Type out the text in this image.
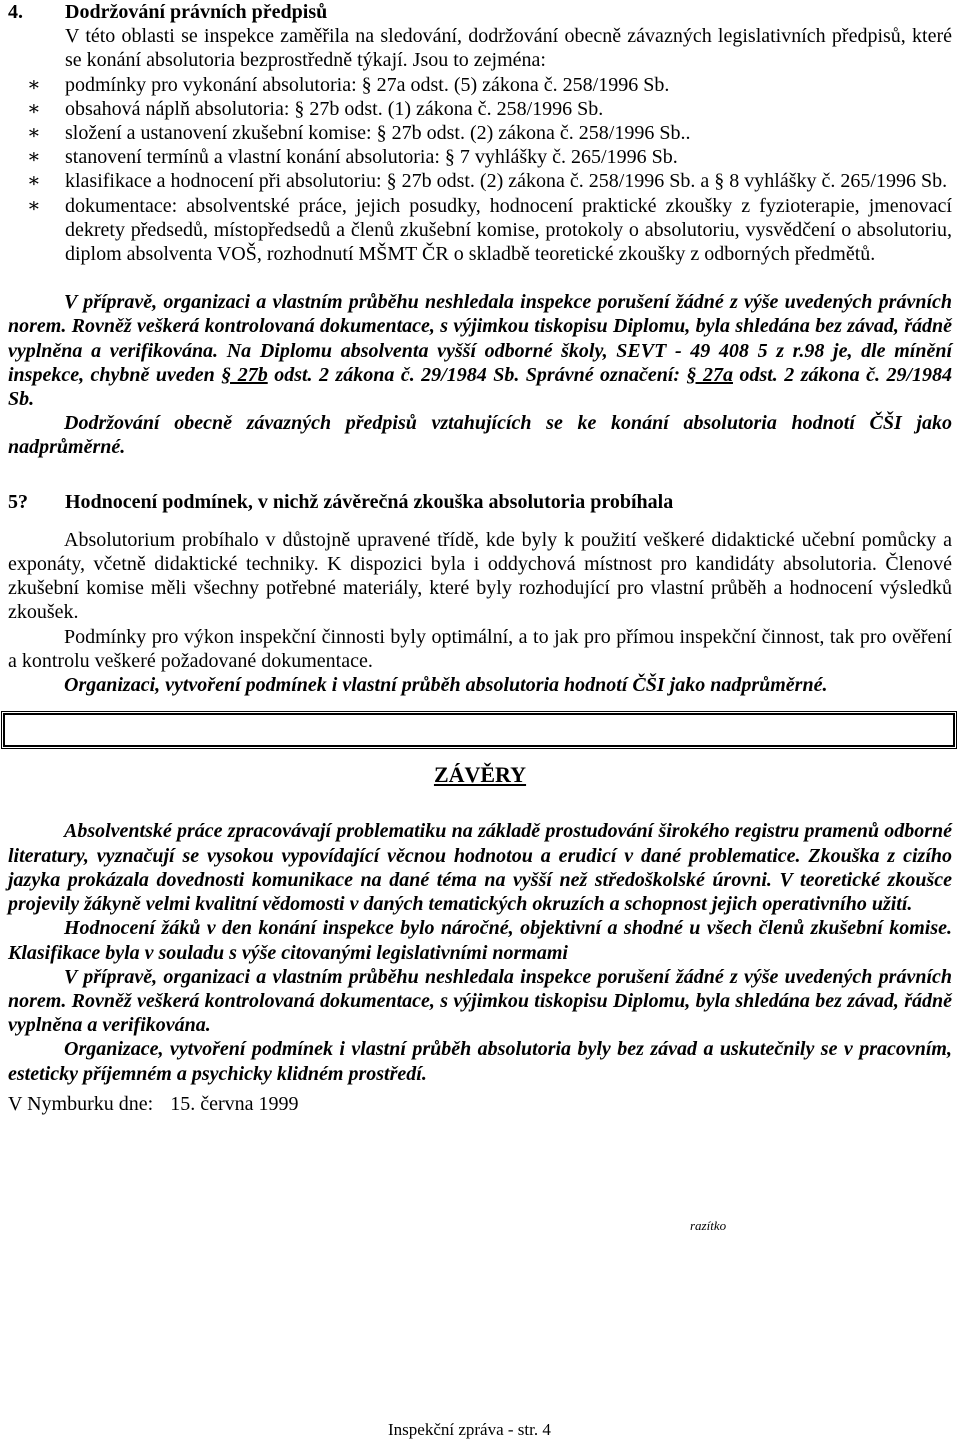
4.	Dodržování právních předpisů

V této oblasti se inspekce zaměřila na sledování, dodržování obecně závazných legislativních předpisů, které se konání absolutoria bezprostředně týkají. Jsou to zejména:

∗	podmínky pro vykonání absolutoria: § 27a odst. (5) zákona č. 258/1996 Sb.
∗	obsahová náplň absolutoria: § 27b odst. (1) zákona č. 258/1996 Sb.
∗	složení a ustanovení zkušební komise: § 27b odst. (2) zákona č. 258/1996 Sb..
∗	stanovení termínů a vlastní konání absolutoria: § 7 vyhlášky č. 265/1996 Sb.
∗	klasifikace a hodnocení při absolutoriu: § 27b odst. (2) zákona č. 258/1996 Sb. a § 8 vyhlášky č. 265/1996 Sb.
∗	dokumentace: absolventské práce, jejich posudky, hodnocení praktické zkoušky z fyzioterapie, jmenovací dekrety předsedů, místopředsedů a členů zkušební komise, protokoly o absolutoriu, vysvědčení o absolutoriu, diplom absolventa VOŠ, rozhodnutí MŠMT ČR o skladbě teoretické zkoušky z odborných předmětů.

V přípravě, organizaci a vlastním průběhu neshledala inspekce porušení žádné z výše uvedených právních norem. Rovněž veškerá kontrolovaná dokumentace, s výjimkou tiskopisu Diplomu, byla shledána bez závad, řádně vyplněna a verifikována. Na Diplomu absolventa vyšší odborné školy, SEVT - 49 408 5 z r.98 je, dle mínění inspekce, chybně uveden § 27b odst. 2 zákona č. 29/1984 Sb. Správné označení: § 27a odst. 2 zákona č. 29/1984 Sb.

Dodržování obecně závazných předpisů vztahujících se ke konání absolutoria hodnotí ČŠI jako nadprůměrné.

5?	Hodnocení podmínek, v nichž závěrečná zkouška absolutoria probíhala

Absolutorium probíhalo v důstojně upravené třídě, kde byly k použití veškeré didaktické učební pomůcky a exponáty, včetně didaktické techniky. K dispozici byla i oddychová místnost pro kandidáty absolutoria. Členové zkušební komise měli všechny potřebné materiály, které byly rozhodující pro vlastní průběh a hodnocení výsledků zkoušek.

Podmínky pro výkon inspekční činnosti byly optimální, a to jak pro přímou inspekční činnost, tak pro ověření a kontrolu veškeré požadované dokumentace.

Organizaci, vytvoření podmínek i vlastní průběh absolutoria hodnotí ČŠI jako nadprůměrné.

ZÁVĚRY

Absolventské práce zpracovávají problematiku na základě prostudování širokého registru pramenů odborné literatury, vyznačují se vysokou vypovídající věcnou hodnotou a erudicí v dané problematice. Zkouška z cizího jazyka prokázala dovednosti komunikace na dané téma na vyšší než středoškolské úrovni. V teoretické zkoušce projevily žákyně velmi kvalitní vědomosti v daných tematických okruzích a schopnost jejich operativního užití.

Hodnocení žáků v den konání inspekce bylo náročné, objektivní a shodné u všech členů zkušební komise. Klasifikace byla v souladu s výše citovanými legislativními normami

V přípravě, organizaci a vlastním průběhu neshledala inspekce porušení žádné z výše uvedených právních norem. Rovněž veškerá kontrolovaná dokumentace, s výjimkou tiskopisu Diplomu, byla shledána bez závad, řádně vyplněna a verifikována.

Organizace, vytvoření podmínek i vlastní průběh absolutoria byly bez závad a uskutečnily se v pracovním, esteticky příjemném a psychicky klidném prostředí.

V Nymburku dne: 15. června 1999

razítko
Inspekční zpráva - str. 4
